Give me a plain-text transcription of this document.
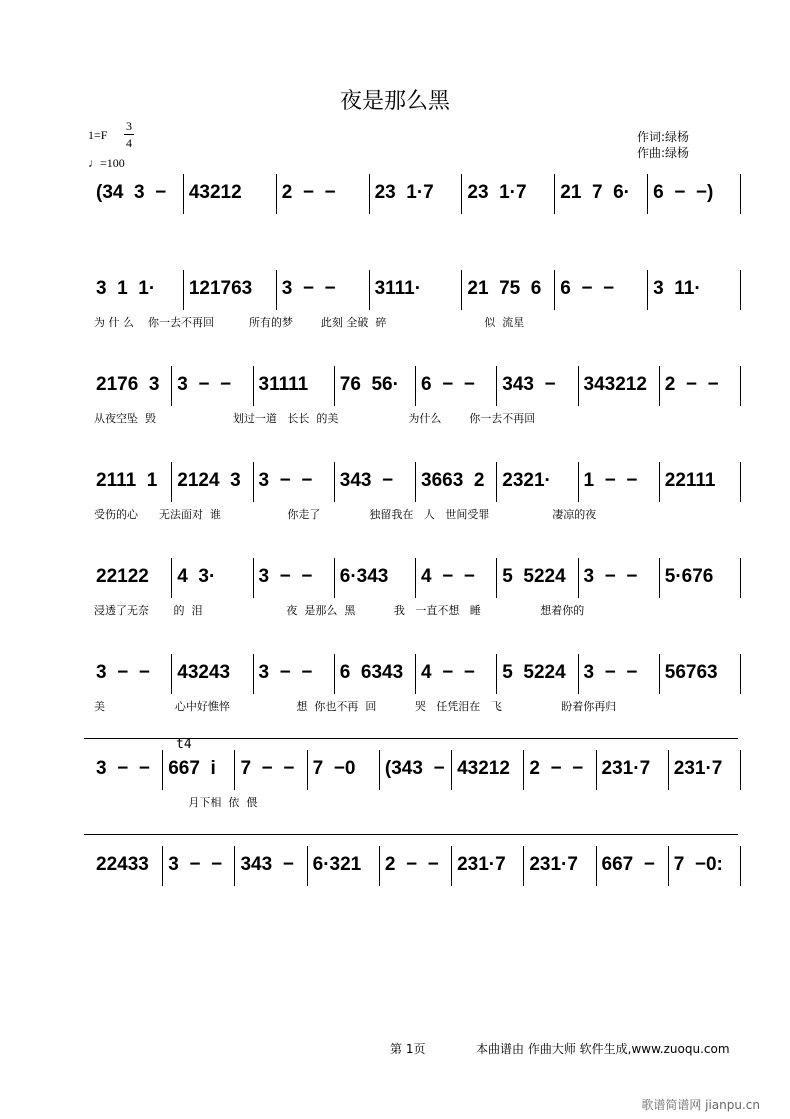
夜是那么黑
1=F
3
4
♩=100
作词:绿杨
作曲:绿杨
(34  3  − 43212 2  −  − 23  1·7 23  1·7 21  7  6· 6  −  −)
3  1  1· 121763 3  −  − 3111· 21  75  6 6  −  − 3  11·
为 什 么    你一去不再回          所有的梦        此刻 全破  碎                            似  流星
2176  3 3  −  − 31111 76  56· 6  −  − 343  − 343212 2  −  −
从夜空坠  毁                      划过一道   长长  的美                    为什么        你一去不再回
2111  1 2124  3 3  −  − 343  − 3663  2 2321· 1  −  − 22111
受伤的心      无法面对  谁                   你走了              独留我在   人   世间受罪                  凄凉的夜
22122 4  3· 3  −  − 6·343 4  −  − 5  5224 3  −  − 5·676
浸透了无奈       的  泪                        夜  是那么  黑           我   一直不想   睡                 想着你的
3  −  − 43243 3  −  − 6  6343 4  −  − 5  5224 3  −  − 56763
美                    心中好憔悴                   想  你也不再  回           哭   任凭泪在   飞                 盼着你再归
3  −  − 667  i 7  −  − 7  −0 (343  − 43212 2  −  − 231·7 231·7
月下相  依  偎
22433 3  −  − 343  − 6·321 2  −  − 231·7 231·7 667  − 7  −0:
t4
第 1页	本曲谱由 作曲大师 软件生成,www.zuoqu.com
歌谱简谱网 jianpu.cn
